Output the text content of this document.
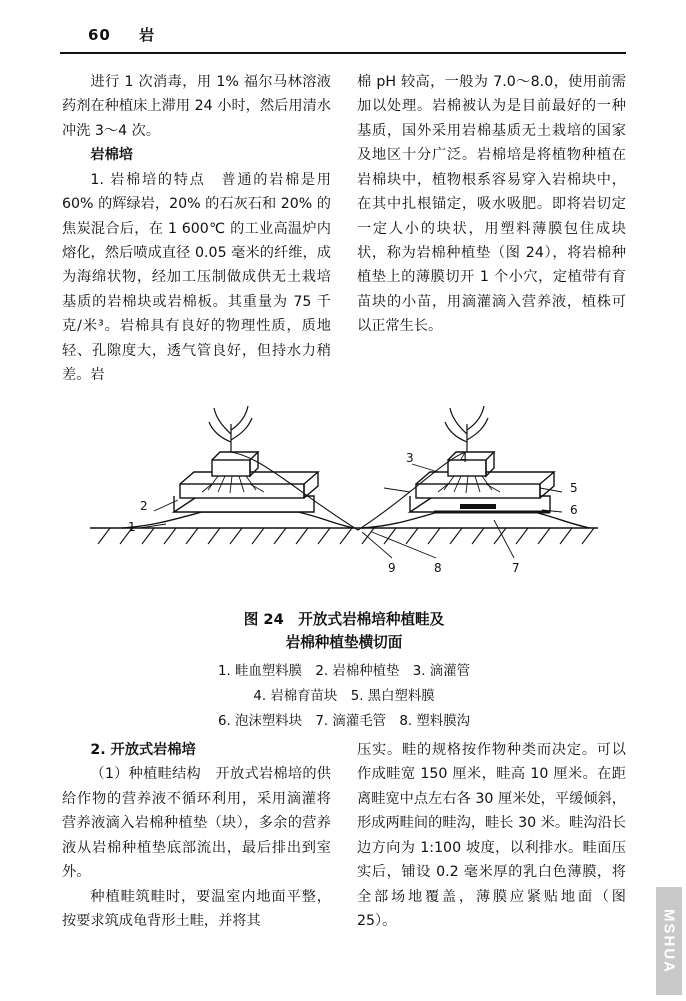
60 岩

进行 1 次消毒，用 1% 福尔马林溶液药剂在种植床上滞用 24 小时，然后用清水冲洗 3～4 次。

岩棉培

1. 岩棉培的特点　普通的岩棉是用 60% 的辉绿岩，20% 的石灰石和 20% 的焦炭混合后，在 1 600℃ 的工业高温炉内熔化，然后喷成直径 0.05 毫米的纤维，成为海绵状物，经加工压制做成供无土栽培基质的岩棉块或岩棉板。其重量为 75 千克/米³。岩棉具有良好的物理性质，质地轻、孔隙度大，透气管良好，但持水力稍差。岩

棉 pH 较高，一般为 7.0～8.0，使用前需加以处理。岩棉被认为是目前最好的一种基质，国外采用岩棉基质无土栽培的国家及地区十分广泛。岩棉培是将植物种植在岩棉块中，植物根系容易穿入岩棉块中，在其中扎根锚定，吸水吸肥。即将岩切定一定人小的块状，用塑料薄膜包住成块状，称为岩棉种植垫（图 24），将岩棉种植垫上的薄膜切开 1 个小穴，定植带有育苗块的小苗，用滴灌滴入营养液，植株可以正常生长。

1
2
3	4
5
6
7
8
9
图 24　开放式岩棉培种植畦及
岩棉种植垫横切面
1. 畦血塑料膜　2. 岩棉种植垫　3. 滴灌管
4. 岩棉育苗块　5. 黑白塑料膜
6. 泡沫塑料块　7. 滴灌毛管　8. 塑料膜沟

2. 开放式岩棉培

（1）种植畦结构　开放式岩棉培的供给作物的营养液不循环利用，采用滴灌将营养液滴入岩棉种植垫（块），多余的营养液从岩棉种植垫底部流出，最后排出到室外。

种植畦筑畦时，要温室内地面平整，按要求筑成龟背形土畦，并将其

压实。畦的规格按作物种类而决定。可以作成畦宽 150 厘米，畦高 10 厘米。在距离畦宽中点左右各 30 厘米处，平缓倾斜，形成两畦间的畦沟，畦长 30 米。畦沟沿长边方向为 1:100 坡度，以利排水。畦面压实后，铺设 0.2 毫米厚的乳白色薄膜，将全部场地覆盖，薄膜应紧贴地面（图 25）。	MSHUA
